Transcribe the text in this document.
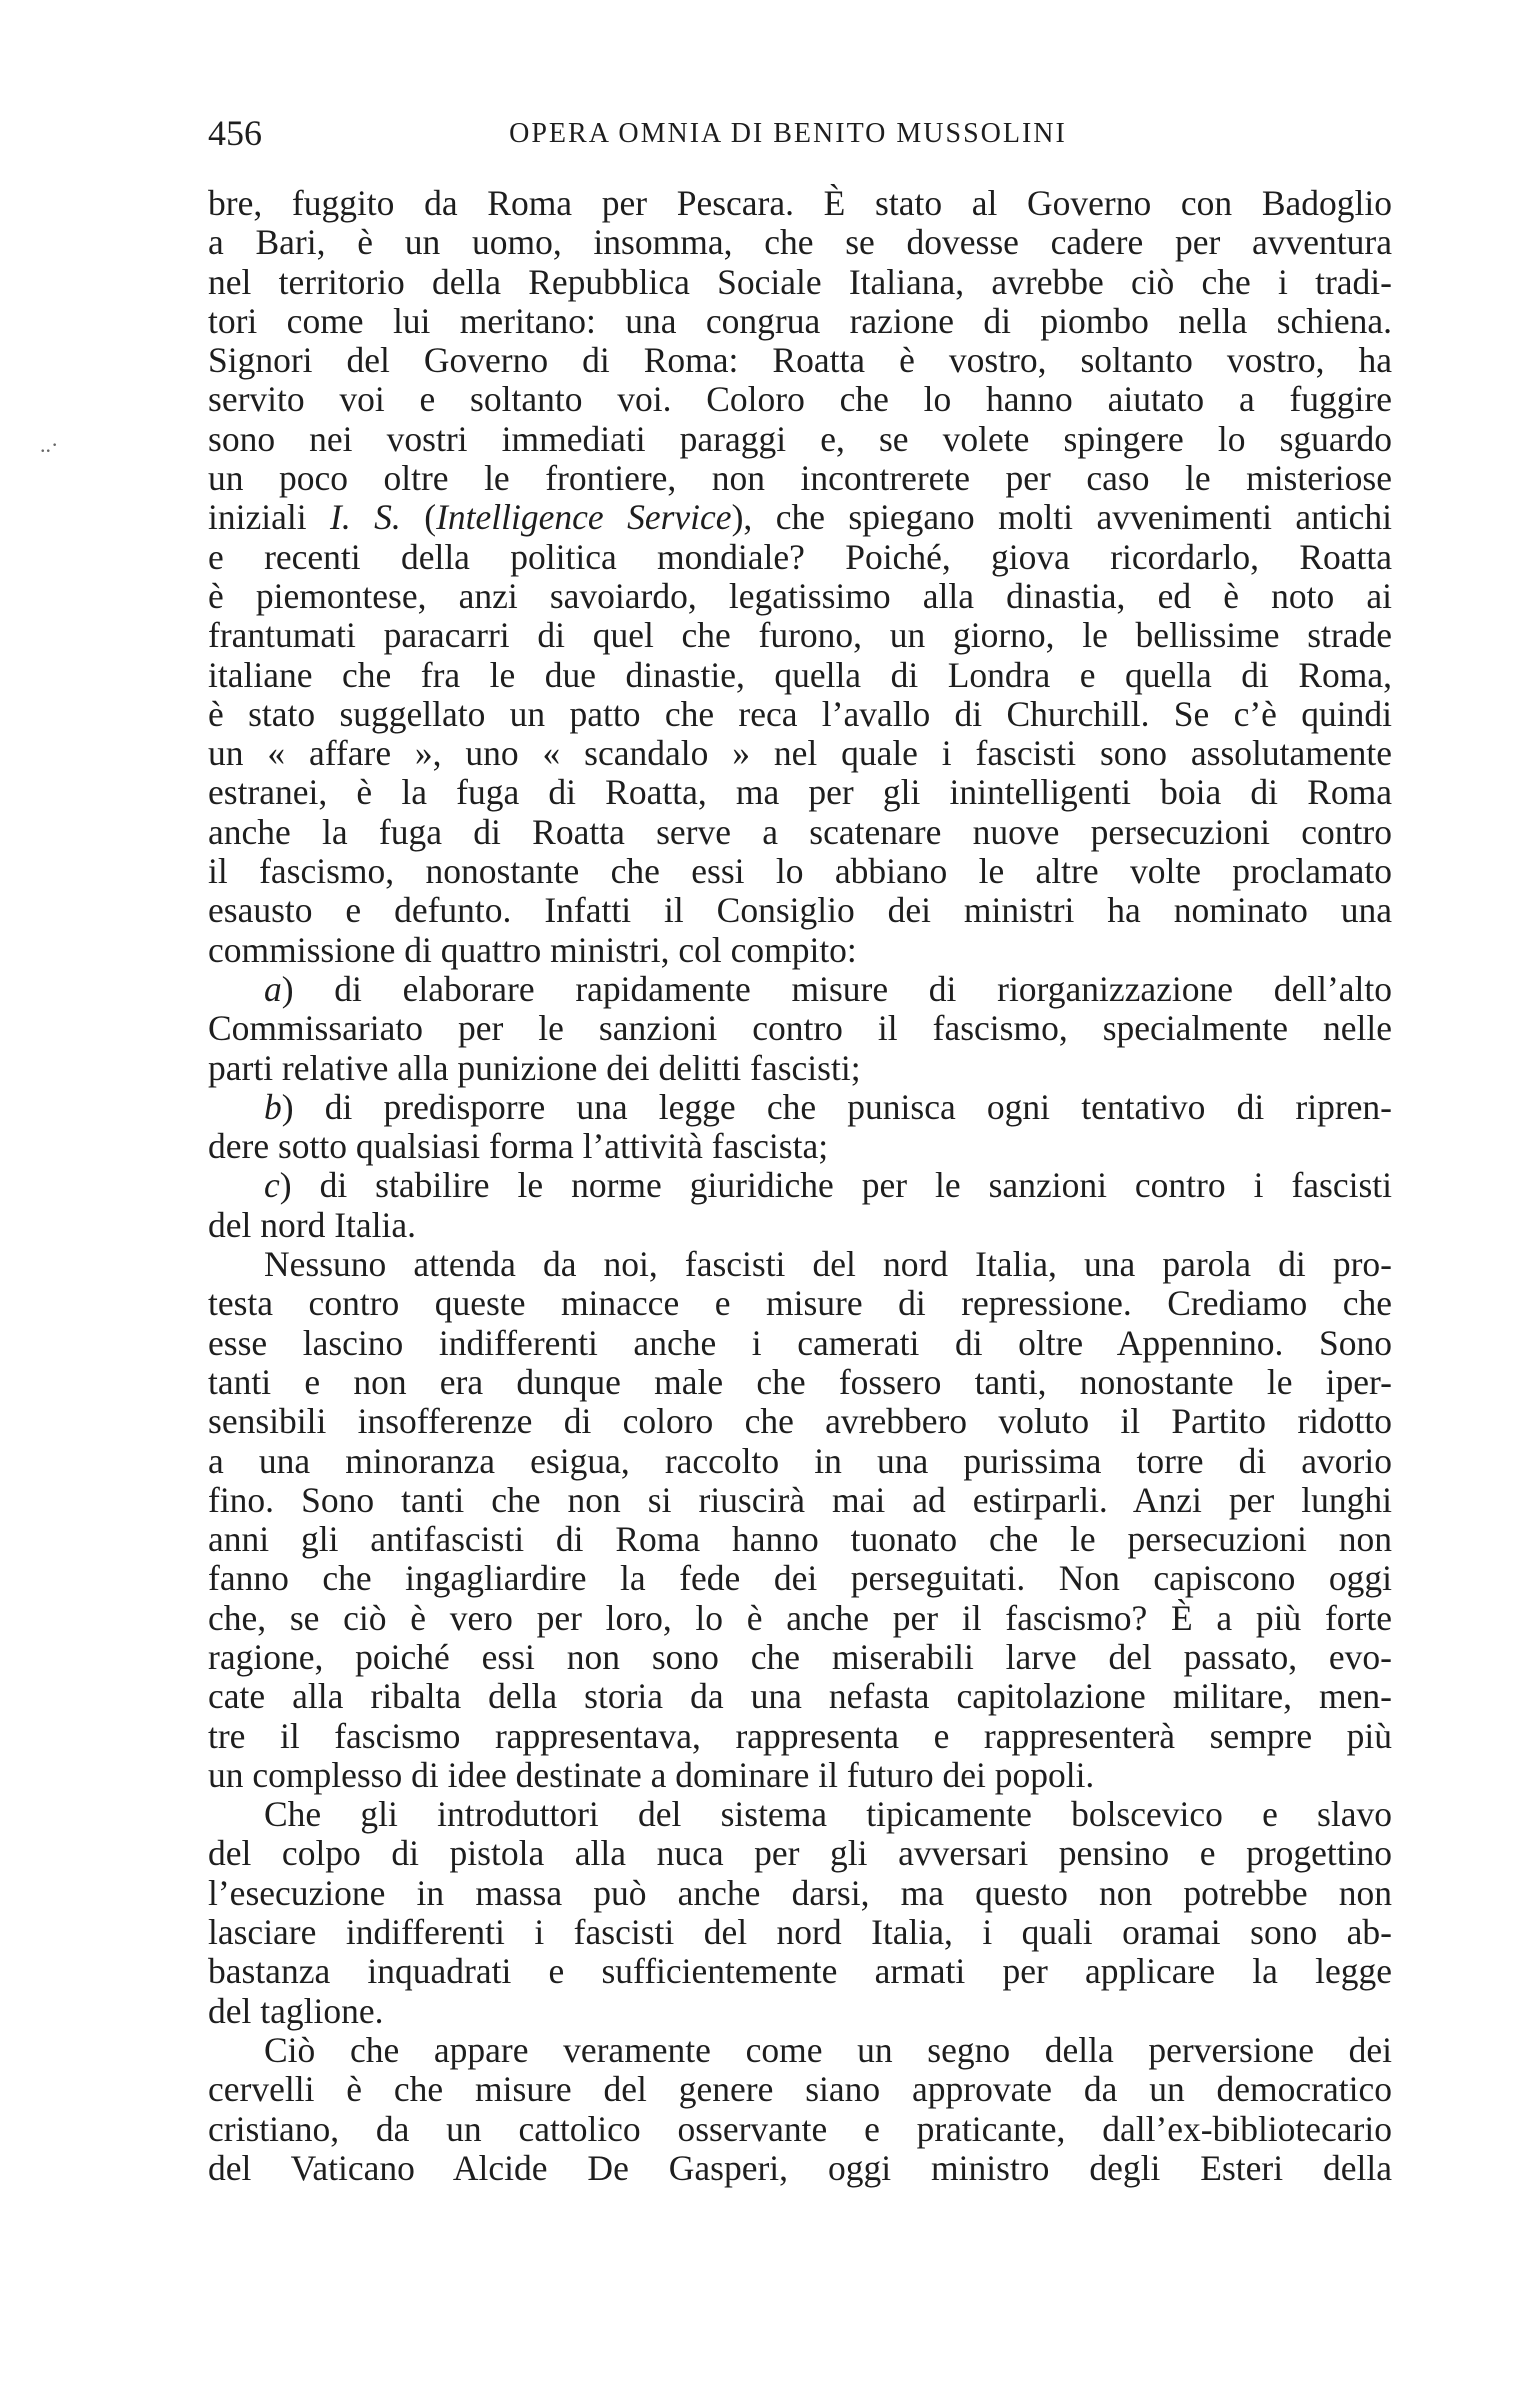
456	OPERA OMNIA DI BENITO MUSSOLINI
..·
bre, fuggito da Roma per Pescara. È stato al Governo con Badoglio
a Bari, è un uomo, insomma, che se dovesse cadere per avventura
nel territorio della Repubblica Sociale Italiana, avrebbe ciò che i tradi-
tori come lui meritano: una congrua razione di piombo nella schiena.
Signori del Governo di Roma: Roatta è vostro, soltanto vostro, ha
servito voi e soltanto voi. Coloro che lo hanno aiutato a fuggire
sono nei vostri immediati paraggi e, se volete spingere lo sguardo
un poco oltre le frontiere, non incontrerete per caso le misteriose
iniziali I. S. (Intelligence Service), che spiegano molti avvenimenti antichi
e recenti della politica mondiale? Poiché, giova ricordarlo, Roatta
è piemontese, anzi savoiardo, legatissimo alla dinastia, ed è noto ai
frantumati paracarri di quel che furono, un giorno, le bellissime strade
italiane che fra le due dinastie, quella di Londra e quella di Roma,
è stato suggellato un patto che reca l’avallo di Churchill. Se c’è quindi
un « affare », uno « scandalo » nel quale i fascisti sono assolutamente
estranei, è la fuga di Roatta, ma per gli inintelligenti boia di Roma
anche la fuga di Roatta serve a scatenare nuove persecuzioni contro
il fascismo, nonostante che essi lo abbiano le altre volte proclamato
esausto e defunto. Infatti il Consiglio dei ministri ha nominato una
commissione di quattro ministri, col compito:
a) di elaborare rapidamente misure di riorganizzazione dell’alto
Commissariato per le sanzioni contro il fascismo, specialmente nelle
parti relative alla punizione dei delitti fascisti;
b) di predisporre una legge che punisca ogni tentativo di ripren-
dere sotto qualsiasi forma l’attività fascista;
c) di stabilire le norme giuridiche per le sanzioni contro i fascisti
del nord Italia.
Nessuno attenda da noi, fascisti del nord Italia, una parola di pro-
testa contro queste minacce e misure di repressione. Crediamo che
esse lascino indifferenti anche i camerati di oltre Appennino. Sono
tanti e non era dunque male che fossero tanti, nonostante le iper-
sensibili insofferenze di coloro che avrebbero voluto il Partito ridotto
a una minoranza esigua, raccolto in una purissima torre di avorio
fino. Sono tanti che non si riuscirà mai ad estirparli. Anzi per lunghi
anni gli antifascisti di Roma hanno tuonato che le persecuzioni non
fanno che ingagliardire la fede dei perseguitati. Non capiscono oggi
che, se ciò è vero per loro, lo è anche per il fascismo? È a più forte
ragione, poiché essi non sono che miserabili larve del passato, evo-
cate alla ribalta della storia da una nefasta capitolazione militare, men-
tre il fascismo rappresentava, rappresenta e rappresenterà sempre più
un complesso di idee destinate a dominare il futuro dei popoli.
Che gli introduttori del sistema tipicamente bolscevico e slavo
del colpo di pistola alla nuca per gli avversari pensino e progettino
l’esecuzione in massa può anche darsi, ma questo non potrebbe non
lasciare indifferenti i fascisti del nord Italia, i quali oramai sono ab-
bastanza inquadrati e sufficientemente armati per applicare la legge
del taglione.
Ciò che appare veramente come un segno della perversione dei
cervelli è che misure del genere siano approvate da un democratico
cristiano, da un cattolico osservante e praticante, dall’ex-bibliotecario
del Vaticano Alcide De Gasperi, oggi ministro degli Esteri della
